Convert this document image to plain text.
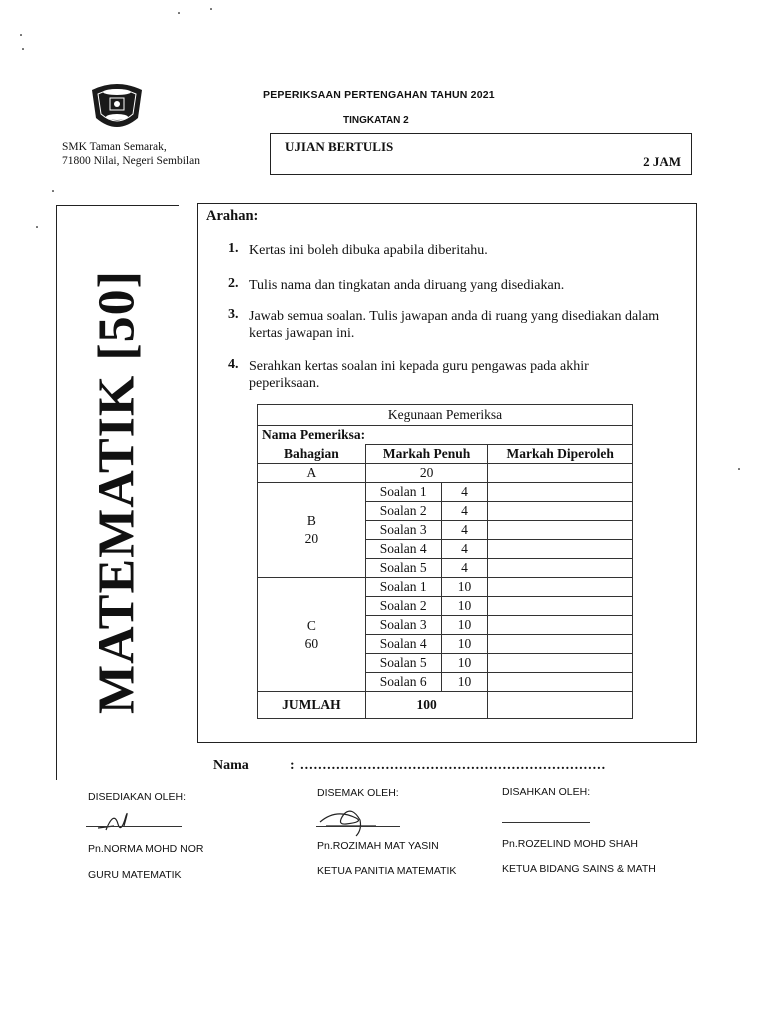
SMK Taman Semarak,
71800 Nilai, Negeri Sembilan
PEPERIKSAAN PERTENGAHAN TAHUN 2021
TINGKATAN 2
UJIAN BERTULIS
2 JAM
MATEMATIK [50]
Arahan:
1. Kertas ini boleh dibuka apabila diberitahu.
2. Tulis nama dan tingkatan anda diruang yang disediakan.
3. Jawab semua soalan. Tulis jawapan anda di ruang yang disediakan dalam kertas jawapan ini.
4. Serahkan kertas soalan ini kepada guru pengawas pada akhir peperiksaan.
Kegunaan Pemeriksa			
Nama Pemeriksa:			
Bahagian	Markah Penuh		Markah Diperoleh
A	20		

B
20	Soalan 1	4	
	Soalan 2	4	
	Soalan 3	4	
	Soalan 4	4	
	Soalan 5	4	

C
60	Soalan 1	10	
	Soalan 2	10	
	Soalan 3	10	
	Soalan 4	10	
	Soalan 5	10	
	Soalan 6	10	
JUMLAH	100		
Nama	: ....................................................................
DISEDIAKAN OLEH:
Pn.NORMA MOHD NOR
GURU MATEMATIK
DISEMAK OLEH:
Pn.ROZIMAH MAT YASIN
KETUA PANITIA MATEMATIK
DISAHKAN OLEH:
Pn.ROZELIND MOHD SHAH
KETUA BIDANG SAINS & MATH
